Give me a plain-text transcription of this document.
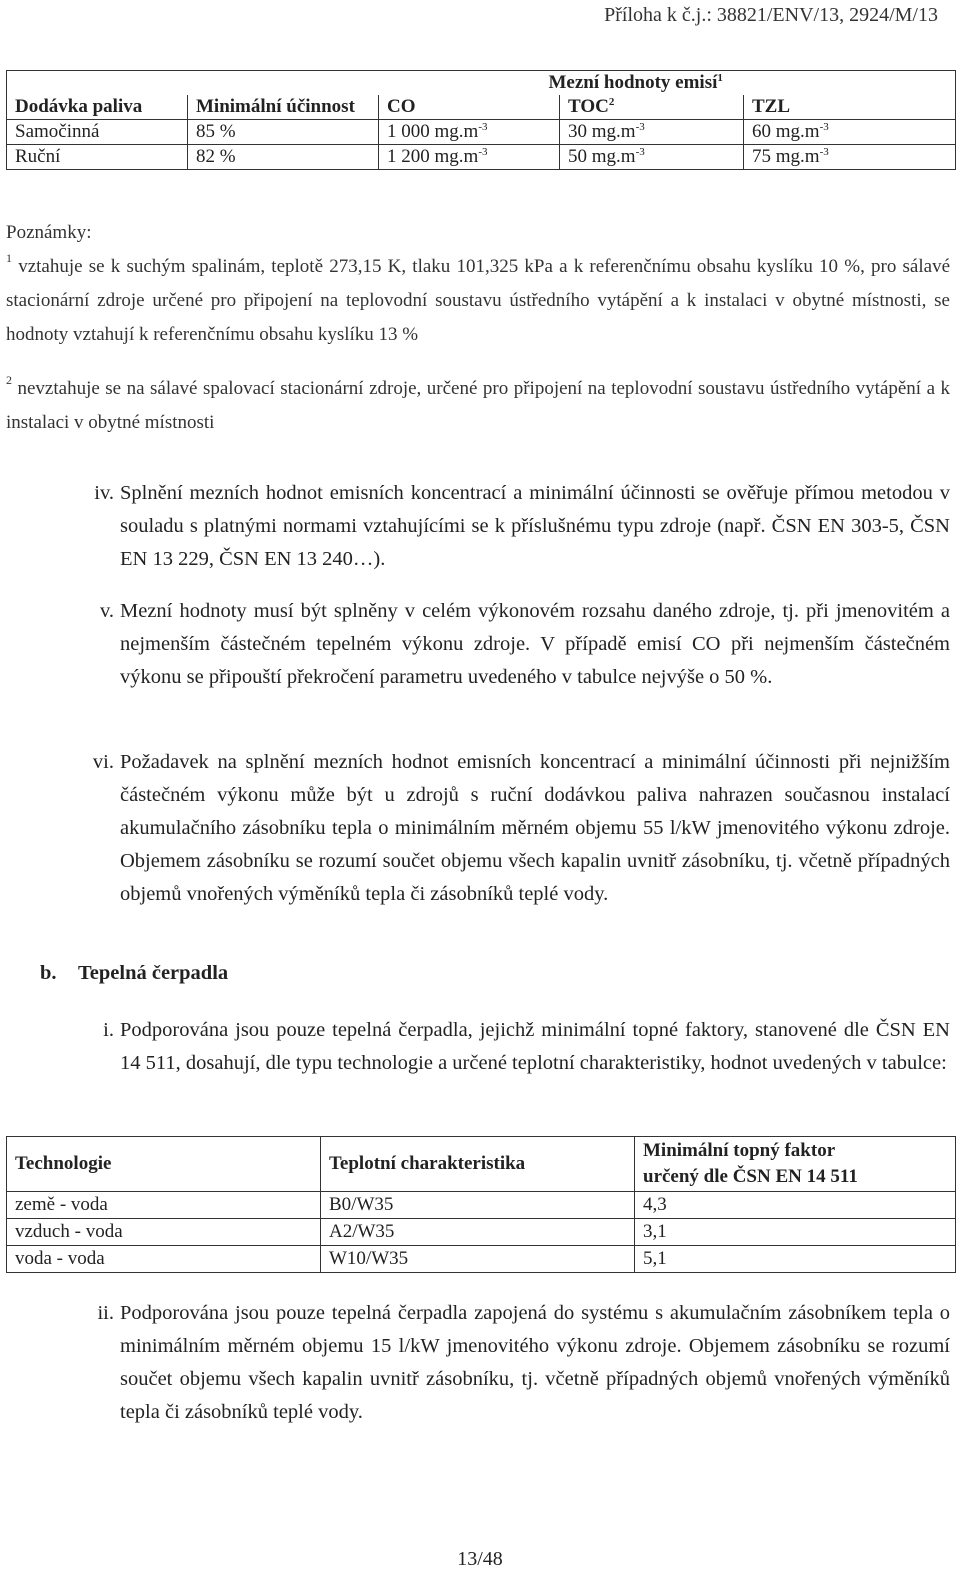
Příloha k č.j.: 38821/ENV/13, 2924/M/13
		Mezní hodnoty emisí$^1$
Dodávka paliva	Minimální účinnost	CO	TOC$^2$	TZL
Samočinná	85 %	1 000 $mg.m^{-3}$	30 $mg.m^{-3}$	60 $mg.m^{-3}$
Ruční	82 %	1 200 $mg.m^{-3}$	50 $mg.m^{-3}$	75 $mg.m^{-3}$

Poznámky:

$^1$ vztahuje se k suchým spalinám, teplotě 273,15 K, tlaku 101,325 kPa a k referenčnímu obsahu kyslíku 10 %, pro sálavé stacionární zdroje určené pro připojení na teplovodní soustavu ústředního vytápění a k instalaci v obytné místnosti, se hodnoty vztahují k referenčnímu obsahu kyslíku 13 %

$^2$ nevztahuje se na sálavé spalovací stacionární zdroje, určené pro připojení na teplovodní soustavu ústředního vytápění a k instalaci v obytné místnosti

iv. Splnění mezních hodnot emisních koncentrací a minimální účinnosti se ověřuje přímou metodou v souladu s platnými normami vztahujícími se k příslušnému typu zdroje (např. ČSN EN 303-5, ČSN EN 13 229, ČSN EN 13 240…).
v. Mezní hodnoty musí být splněny v celém výkonovém rozsahu daného zdroje, tj. při jmenovitém a nejmenším částečném tepelném výkonu zdroje. V případě emisí CO při nejmenším částečném výkonu se připouští překročení parametru uvedeného v tabulce nejvýše o 50 %.
vi. Požadavek na splnění mezních hodnot emisních koncentrací a minimální účinnosti při nejnižším částečném výkonu může být u zdrojů s ruční dodávkou paliva nahrazen současnou instalací akumulačního zásobníku tepla o minimálním měrném objemu 55 l/kW jmenovitého výkonu zdroje. Objemem zásobníku se rozumí součet objemu všech kapalin uvnitř zásobníku, tj. včetně případných objemů vnořených výměníků tepla či zásobníků teplé vody.
b. Tepelná čerpadla
i. Podporována jsou pouze tepelná čerpadla, jejichž minimální topné faktory, stanovené dle ČSN EN 14 511, dosahují, dle typu technologie a určené teplotní charakteristiky, hodnot uvedených v tabulce:
Technologie	Teplotní charakteristika	Minimální topný faktor
určený dle ČSN EN 14 511

země - voda	B0/W35	4,3
vzduch - voda	A2/W35	3,1
voda - voda	W10/W35	5,1
ii. Podporována jsou pouze tepelná čerpadla zapojená do systému s akumulačním zásobníkem tepla o minimálním měrném objemu 15 l/kW jmenovitého výkonu zdroje. Objemem zásobníku se rozumí součet objemu všech kapalin uvnitř zásobníku, tj. včetně případných objemů vnořených výměníků tepla či zásobníků teplé vody.
13/48
